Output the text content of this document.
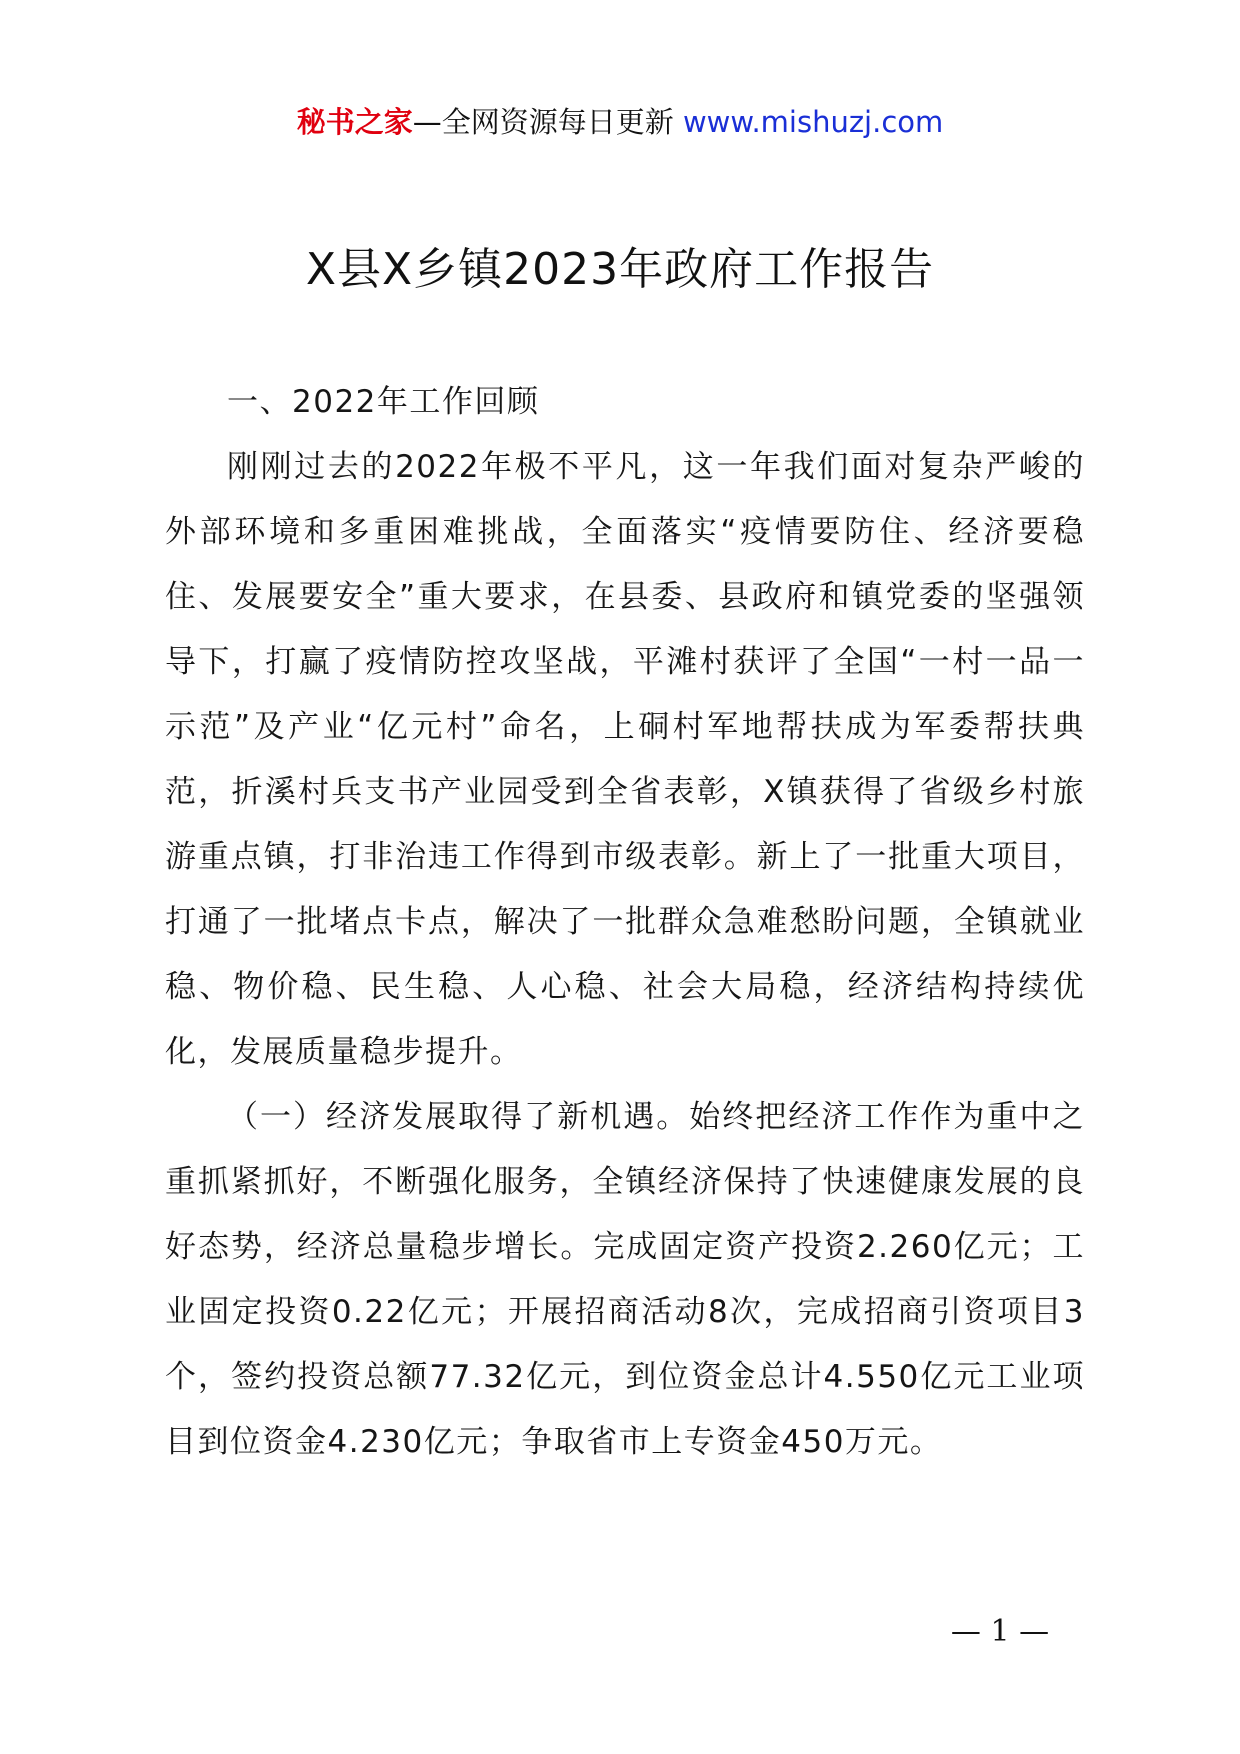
秘书之家—全网资源每日更新 www.mishuzj.com
X县X乡镇2023年政府工作报告

一、2022年工作回顾

刚刚过去的2022年极不平凡，这一年我们面对复杂严峻的外部环境和多重困难挑战，全面落实“疫情要防住、经济要稳住、发展要安全”重大要求，在县委、县政府和镇党委的坚强领导下，打赢了疫情防控攻坚战，平滩村获评了全国“一村一品一示范”及产业“亿元村”命名，上硐村军地帮扶成为军委帮扶典范，折溪村兵支书产业园受到全省表彰，X镇获得了省级乡村旅游重点镇，打非治违工作得到市级表彰。新上了一批重大项目，打通了一批堵点卡点，解决了一批群众急难愁盼问题，全镇就业稳、物价稳、民生稳、人心稳、社会大局稳，经济结构持续优化，发展质量稳步提升。

（一）经济发展取得了新机遇。始终把经济工作作为重中之重抓紧抓好，不断强化服务，全镇经济保持了快速健康发展的良好态势，经济总量稳步增长。完成固定资产投资2.260亿元；工业固定投资0.22亿元；开展招商活动8次，完成招商引资项目3个，签约投资总额77.32亿元，到位资金总计4.550亿元工业项目到位资金4.230亿元；争取省市上专资金450万元。

— 1 —
